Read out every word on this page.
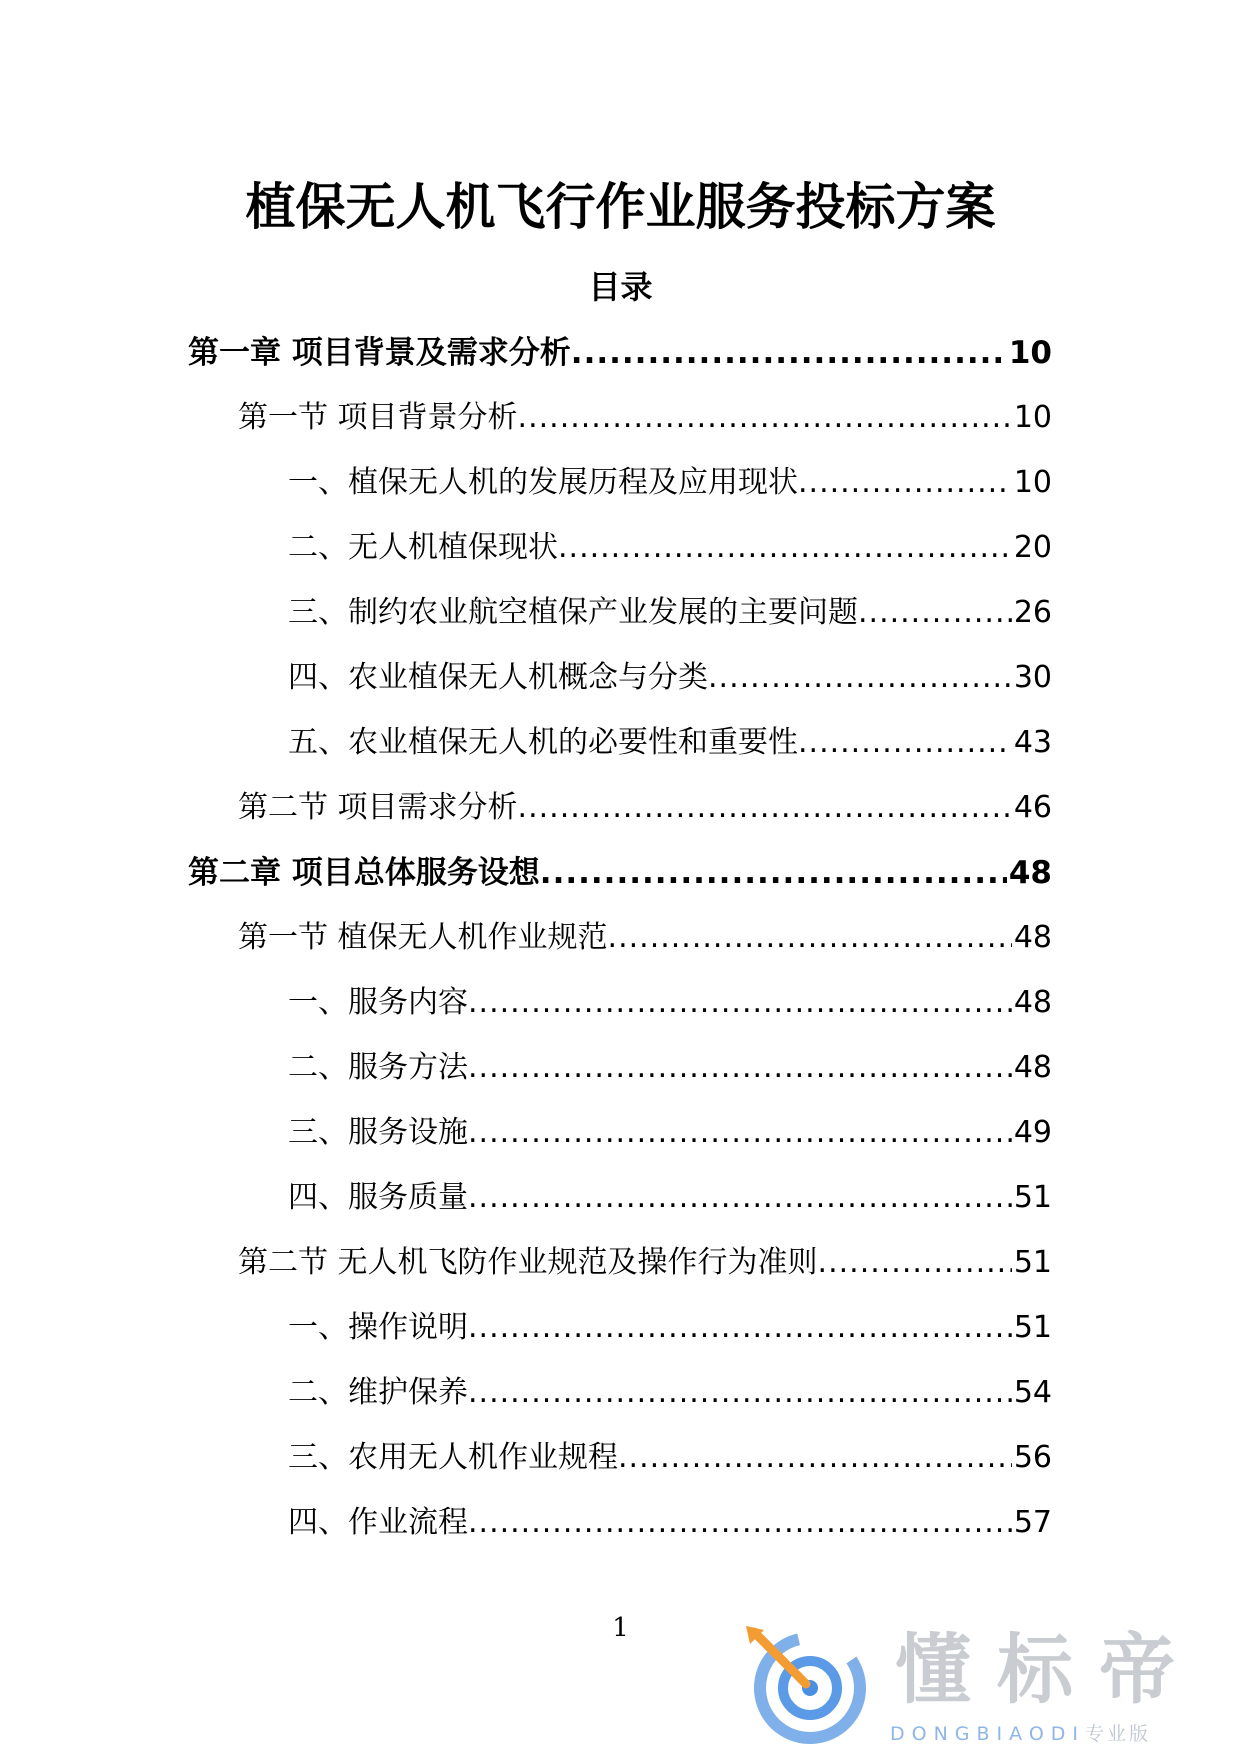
植保无人机飞行作业服务投标方案
目录
第一章 项目背景及需求分析 .....	10
第一节 项目背景分析 .....	10
一、植保无人机的发展历程及应用现状 .....	10
二、无人机植保现状 .....	20
三、制约农业航空植保产业发展的主要问题 .....	26
四、农业植保无人机概念与分类 .....	30
五、农业植保无人机的必要性和重要性 .....	43
第二节 项目需求分析 .....	46
第二章 项目总体服务设想 .....	48
第一节 植保无人机作业规范 .....	48
一、服务内容 .....	48
二、服务方法 .....	48
三、服务设施 .....	49
四、服务质量 .....	51
第二节 无人机飞防作业规范及操作行为准则 .....	51
一、操作说明 .....	51
二、维护保养 .....	54
三、农用无人机作业规程 .....	56
四、作业流程 .....	57
1	懂标帝
DONGBIAODI专业版
